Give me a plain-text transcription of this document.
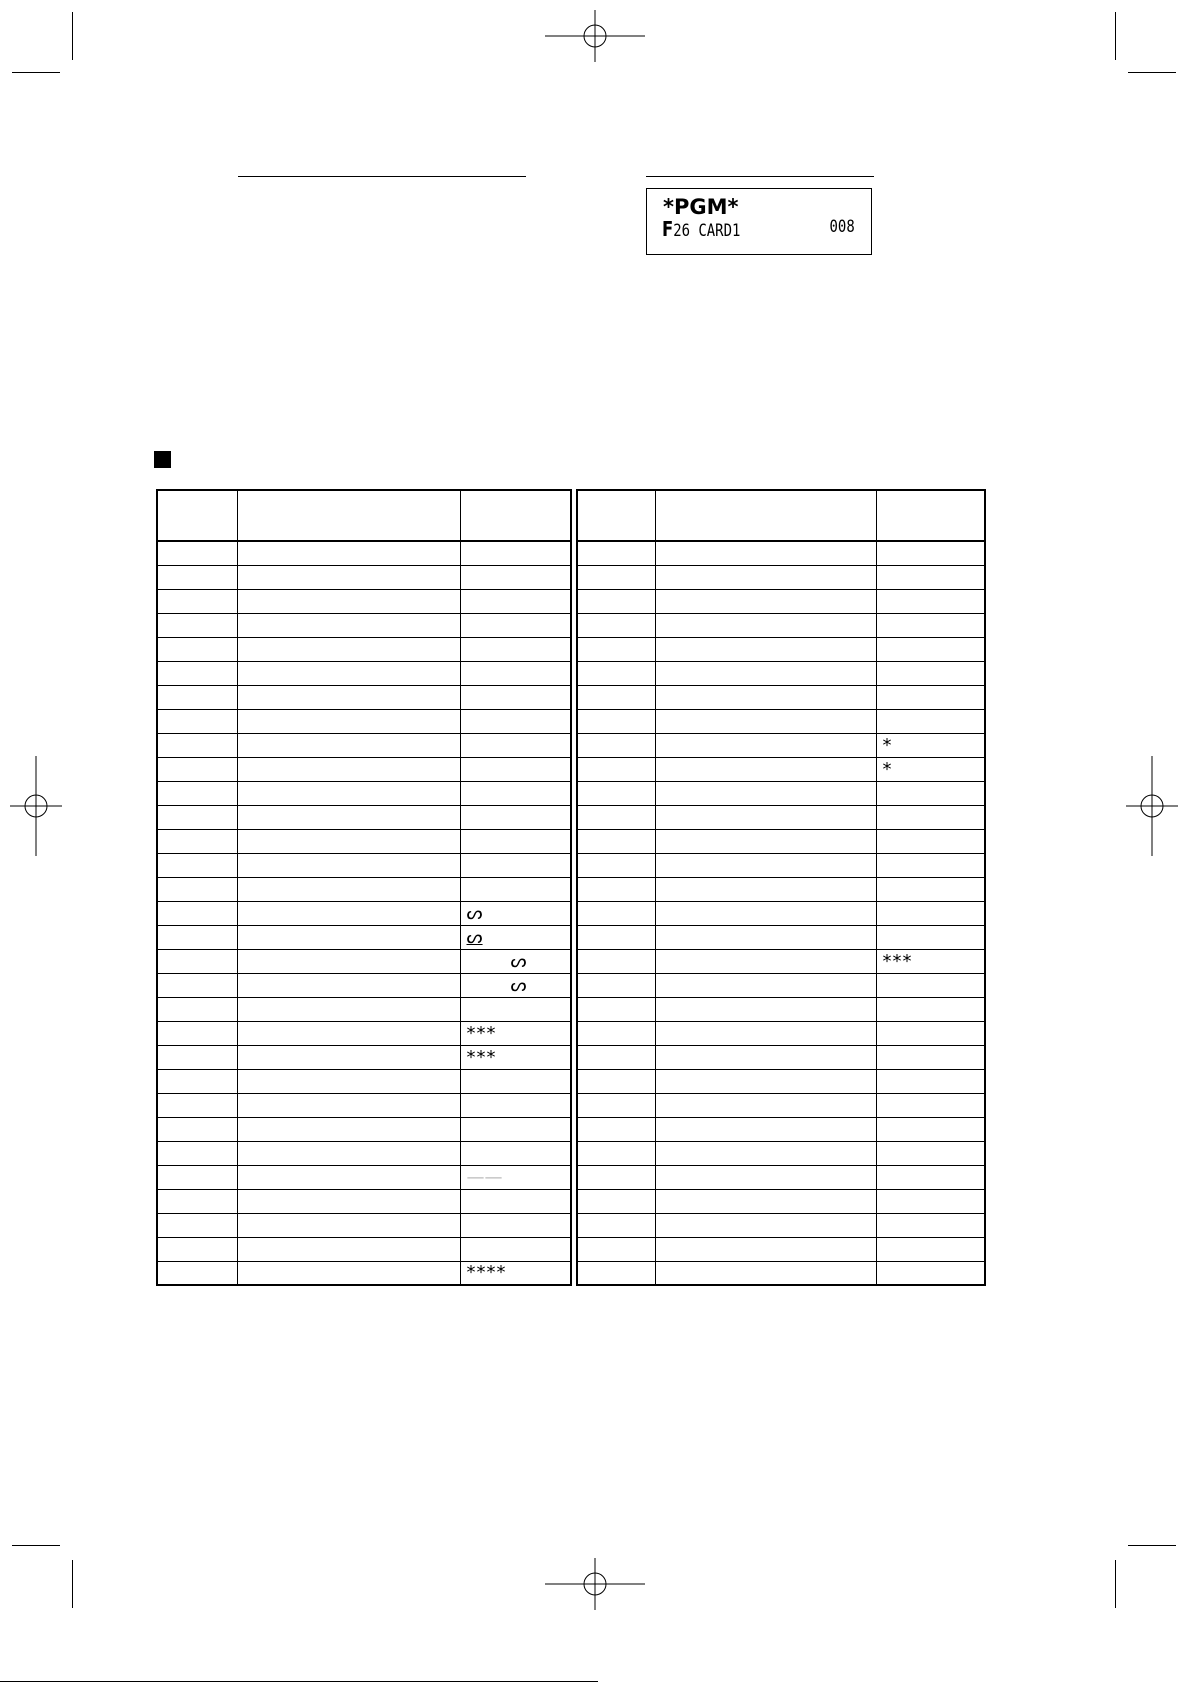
*PGM*
F26 CARD1	008

		ᔕ
		ᔕ
		ᔕ
		ᔕ

		***
		***

		——

		****

		*
		*

		***
